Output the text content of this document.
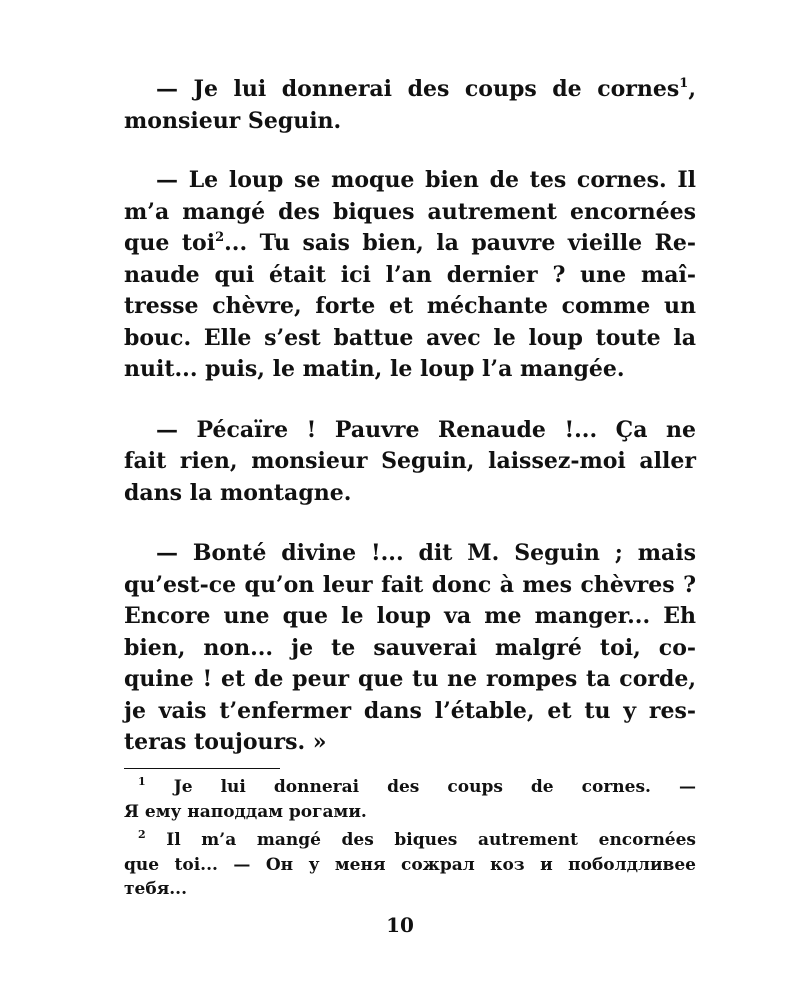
— Je lui donnerai des coups de cornes$^1$,
monsieur Seguin.
— Le loup se moque bien de tes cornes. Il
m’a mangé des biques autrement encornées
que toi$^2$... Tu sais bien, la pauvre vieille Re-
naude qui était ici l’an dernier ? une maî-
tresse chèvre, forte et méchante comme un
bouc. Elle s’est battue avec le loup toute la
nuit... puis, le matin, le loup l’a mangée.
— Pécaïre ! Pauvre Renaude !... Ça ne
fait rien, monsieur Seguin, laissez-moi aller
dans la montagne.
— Bonté divine !... dit M. Seguin ; mais
qu’est-ce qu’on leur fait donc à mes chèvres ?
Encore une que le loup va me manger... Eh
bien, non... je te sauverai malgré toi, co-
quine ! et de peur que tu ne rompes ta corde,
je vais t’enfermer dans l’étable, et tu y res-
teras toujours. »
$^1$ Je lui donnerai des coups de cornes. —
Я ему наподдам рогами.
$^2$ Il m’a mangé des biques autrement encornées
que toi... — Он у меня сожрал коз и поболдливее
тебя...
10
